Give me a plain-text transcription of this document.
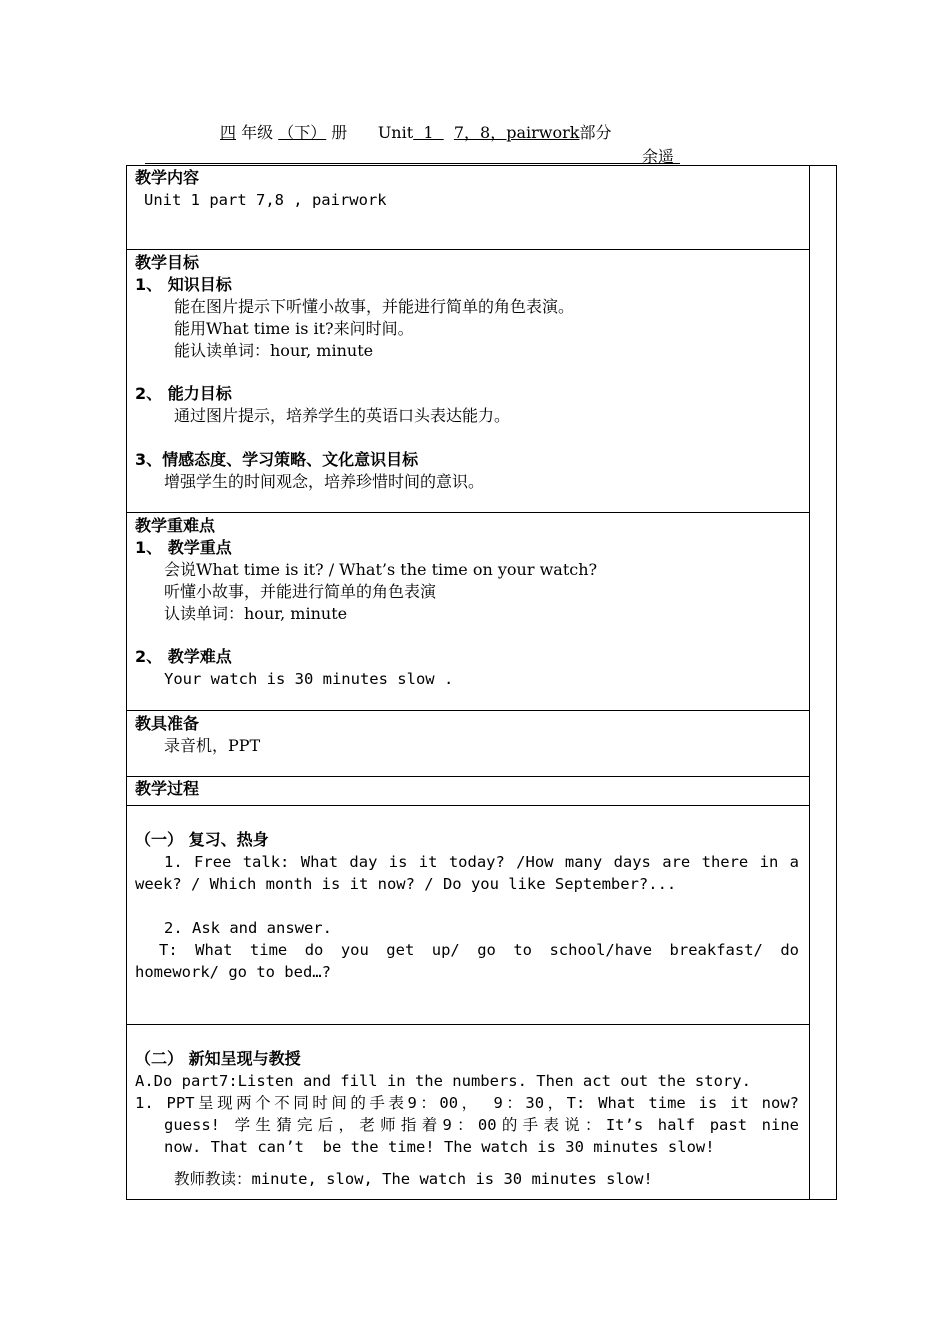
四 年级 （下） 册      Unit  1    7，8，pairwork部分
余遥
教学内容
Unit 1 part 7,8 , pairwork
教学目标
1、 知识目标
能在图片提示下听懂小故事，并能进行简单的角色表演。
能用What time is it?来问时间。
能认读单词：hour, minute
2、 能力目标
通过图片提示，培养学生的英语口头表达能力。
3、情感态度、学习策略、文化意识目标
增强学生的时间观念，培养珍惜时间的意识。
教学重难点
1、 教学重点
会说What time is it? / What’s the time on your watch?
听懂小故事，并能进行简单的角色表演
认读单词：hour, minute
2、 教学难点
Your watch is 30 minutes slow .
教具准备
录音机，PPT
教学过程
（一） 复习、热身
1. Free talk: What day is it today? /How many days are there in a
week? / Which month is it now? / Do you like September?...
2. Ask and answer.
T: What time do you get up/ go to school/have breakfast/ do
homework/ go to bed…?
（二） 新知呈现与教授
A.Do part7:Listen and fill in the numbers. Then act out the story.
1. PPT呈现两个不同时间的手表9：00， 9：30，T: What time is it now?
guess! 学生猜完后，老师指着9：00的手表说：It’s half past nine
now. That can’t  be the time! The watch is 30 minutes slow!
教师教读：minute, slow, The watch is 30 minutes slow!
